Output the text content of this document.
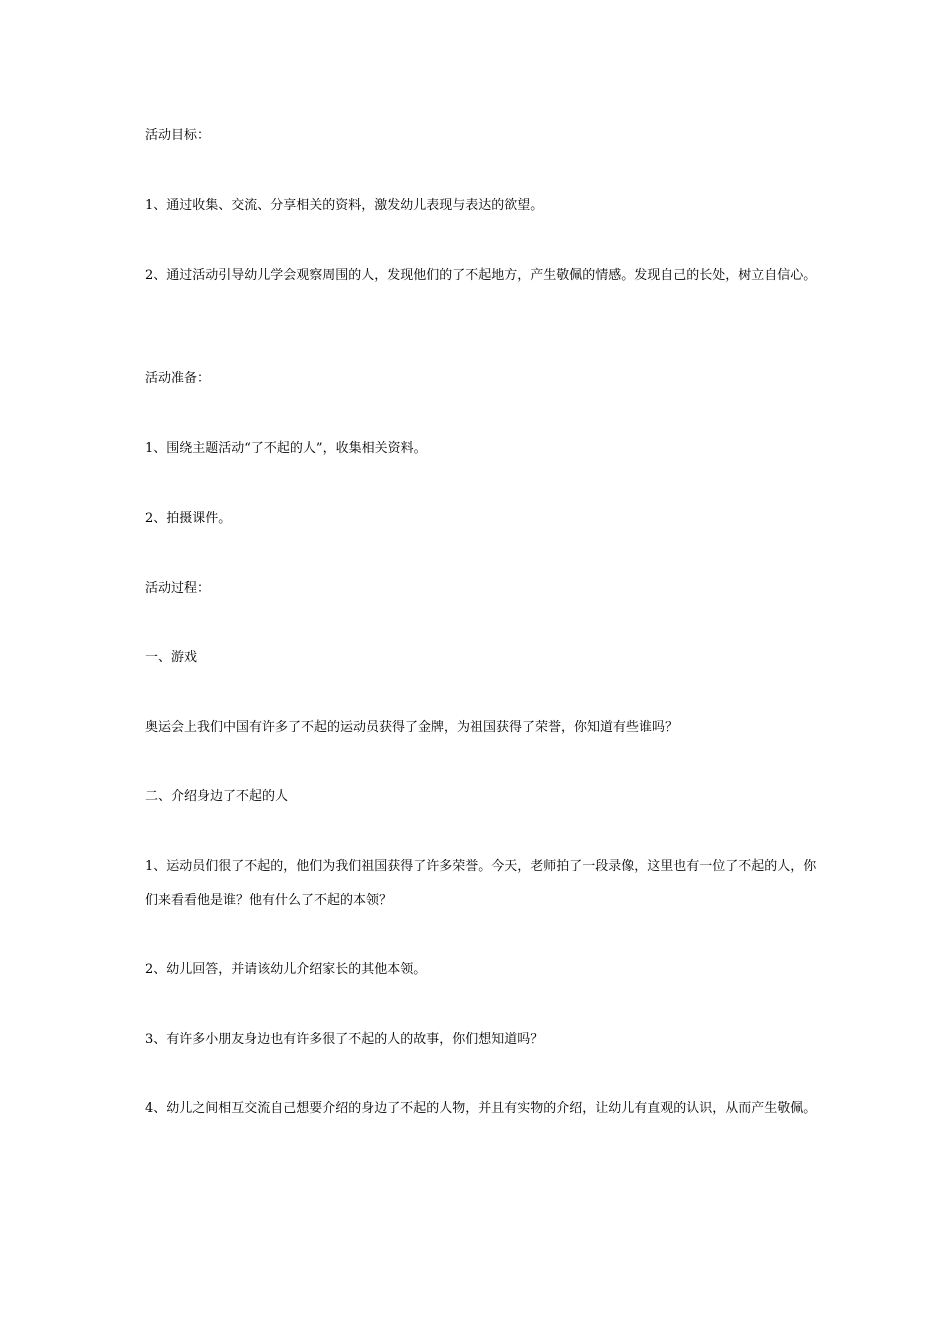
活动目标：

1、通过收集、交流、分享相关的资料，激发幼儿表现与表达的欲望。

2、通过活动引导幼儿学会观察周围的人，发现他们的了不起地方，产生敬佩的情感。发现自己的长处，树立自信心。

活动准备：

1、围绕主题活动“了不起的人”，收集相关资料。

2、拍摄课件。

活动过程：

一、游戏

奥运会上我们中国有许多了不起的运动员获得了金牌，为祖国获得了荣誉，你知道有些谁吗？

二、介绍身边了不起的人

1、运动员们很了不起的，他们为我们祖国获得了许多荣誉。今天，老师拍了一段录像，这里也有一位了不起的人，你们来看看他是谁？他有什么了不起的本领？

2、幼儿回答，并请该幼儿介绍家长的其他本领。

3、有许多小朋友身边也有许多很了不起的人的故事，你们想知道吗？

4、幼儿之间相互交流自己想要介绍的身边了不起的人物，并且有实物的介绍，让幼儿有直观的认识，从而产生敬佩。
